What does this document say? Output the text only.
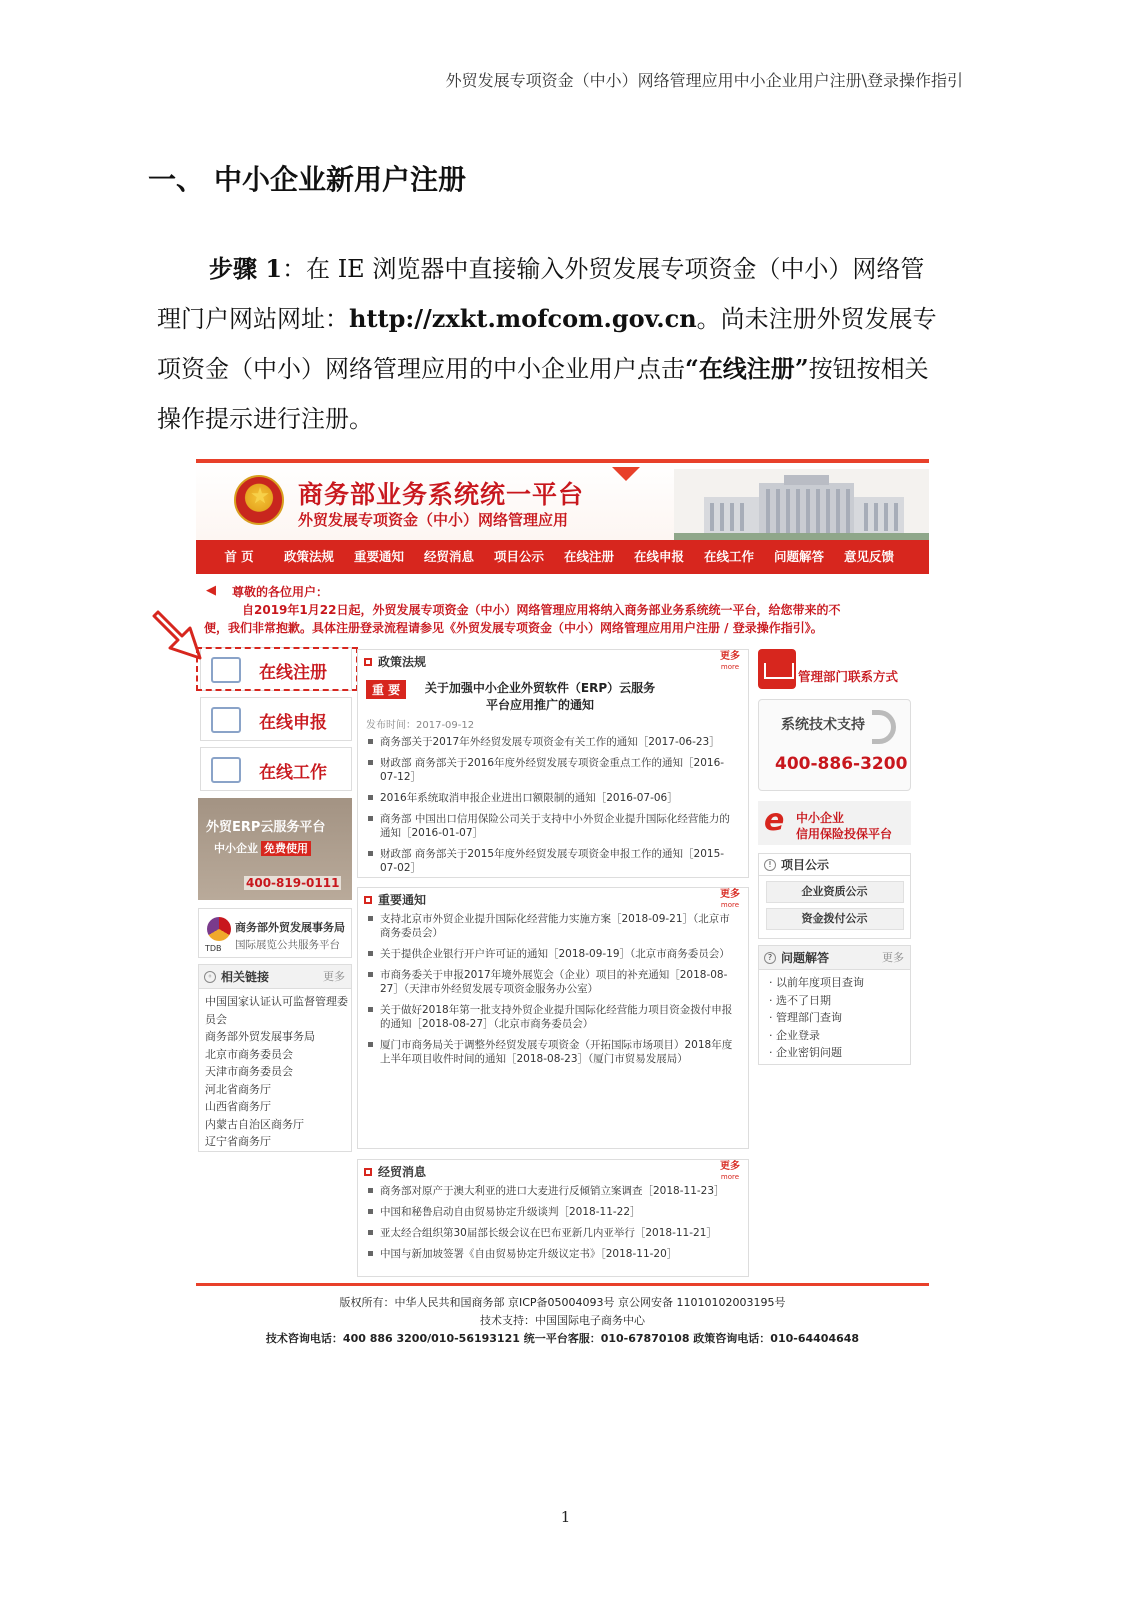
外贸发展专项资金（中小）网络管理应用中小企业用户注册\登录操作指引
一、 中小企业新用户注册
步骤 1：在 IE 浏览器中直接输入外贸发展专项资金（中小）网络管理门户网站网址：http://zxkt.mofcom.gov.cn。尚未注册外贸发展专项资金（中小）网络管理应用的中小企业用户点击“在线注册”按钮按相关操作提示进行注册。
商务部业务系统统一平台
外贸发展专项资金（中小）网络管理应用
首 页	政策法规	重要通知	经贸消息	项目公示	在线注册	在线申报	在线工作	问题解答	意见反馈
◀	尊敬的各位用户：
自2019年1月22日起，外贸发展专项资金（中小）网络管理应用将纳入商务部业务系统统一平台，给您带来的不
便，我们非常抱歉。具体注册登录流程请参见《外贸发展专项资金（中小）网络管理应用用户注册 / 登录操作指引》。
在线注册
在线申报
在线工作
外贸ERP云服务平台
中小企业 免费使用
400-819-0111
TDB
商务部外贸发展事务局
国际展览公共服务平台
◦ 相关链接	更多
中国国家认证认可监督管理委员会
商务部外贸发展事务局
北京市商务委员会
天津市商务委员会
河北省商务厅
山西省商务厅
内蒙古自治区商务厅
辽宁省商务厅
政策法规	更多
more
重 要	关于加强中小企业外贸软件（ERP）云服务平台应用推广的通知
发布时间：2017-09-12
商务部关于2017年外经贸发展专项资金有关工作的通知［2017-06-23］
财政部 商务部关于2016年度外经贸发展专项资金重点工作的通知［2016-07-12］
2016年系统取消申报企业进出口额限制的通知［2016-07-06］
商务部 中国出口信用保险公司关于支持中小外贸企业提升国际化经营能力的通知［2016-01-07］
财政部 商务部关于2015年度外经贸发展专项资金申报工作的通知［2015-07-02］
重要通知	更多
more
支持北京市外贸企业提升国际化经营能力实施方案［2018-09-21］（北京市商务委员会）
关于提供企业银行开户许可证的通知［2018-09-19］（北京市商务委员会）
市商务委关于申报2017年境外展览会（企业）项目的补充通知［2018-08-27］（天津市外经贸发展专项资金服务办公室）
关于做好2018年第一批支持外贸企业提升国际化经营能力项目资金拨付申报的通知［2018-08-27］（北京市商务委员会）
厦门市商务局关于调整外经贸发展专项资金（开拓国际市场项目）2018年度上半年项目收件时间的通知［2018-08-23］（厦门市贸易发展局）
经贸消息	更多
more
商务部对原产于澳大利亚的进口大麦进行反倾销立案调查［2018-11-23］
中国和秘鲁启动自由贸易协定升级谈判［2018-11-22］
亚太经合组织第30届部长级会议在巴布亚新几内亚举行［2018-11-21］
中国与新加坡签署《自由贸易协定升级议定书》［2018-11-20］
管理部门联系方式
系统技术支持
400-886-3200
e 中小企业
信用保险投保平台
! 项目公示
企业资质公示
资金拨付公示
? 问题解答	更多
· 以前年度项目查询
· 选不了日期
· 管理部门查询
· 企业登录
· 企业密钥问题
版权所有：中华人民共和国商务部 京ICP备05004093号 京公网安备 11010102003195号
技术支持：中国国际电子商务中心
技术咨询电话：400 886 3200/010-56193121 统一平台客服：010-67870108 政策咨询电话：010-64404648
1
